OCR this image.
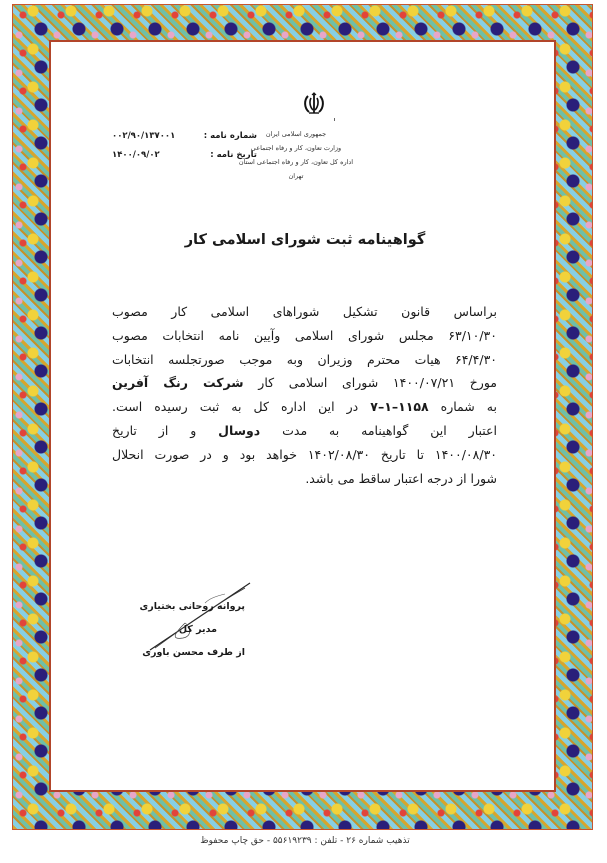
جمهوری اسلامی ایران
وزارت تعاون، کار و رفاه اجتماعی
اداره کل تعاون، کار و رفاه اجتماعی استان تهران
شماره نامه :
۰۰۲/۹۰/۱۳۷۰۰۱
تاریخ نامه :
۱۴۰۰/۰۹/۰۲
گواهینامه ثبت شورای اسلامی کار
براساس قانون تشکیل شوراهای اسلامی کار مصوب
۶۳/۱۰/۳۰ مجلس شورای اسلامی وآیین نامه انتخابات مصوب
۶۴/۴/۳۰ هیات محترم وزیران وبه موجب صورتجلسه انتخابات
مورخ ۱۴۰۰/۰۷/۲۱ شورای اسلامی کار شرکت رنگ آفرین
به شماره ۱۱۵۸–۱–۷ در این اداره کل به ثبت رسیده است.
اعتبار این گواهینامه به مدت دوسال و از تاریخ
۱۴۰۰/۰۸/۳۰ تا تاریخ ۱۴۰۲/۰۸/۳۰ خواهد بود و در صورت انحلال
شورا از درجه اعتبار ساقط می باشد.
پروانه روحانی بختیاری
مدیر کل
از طرف محسن باوری
تذهیب شماره ۲۶ - تلفن : ۵۵۶۱۹۲۳۹ - حق چاپ محفوظ
